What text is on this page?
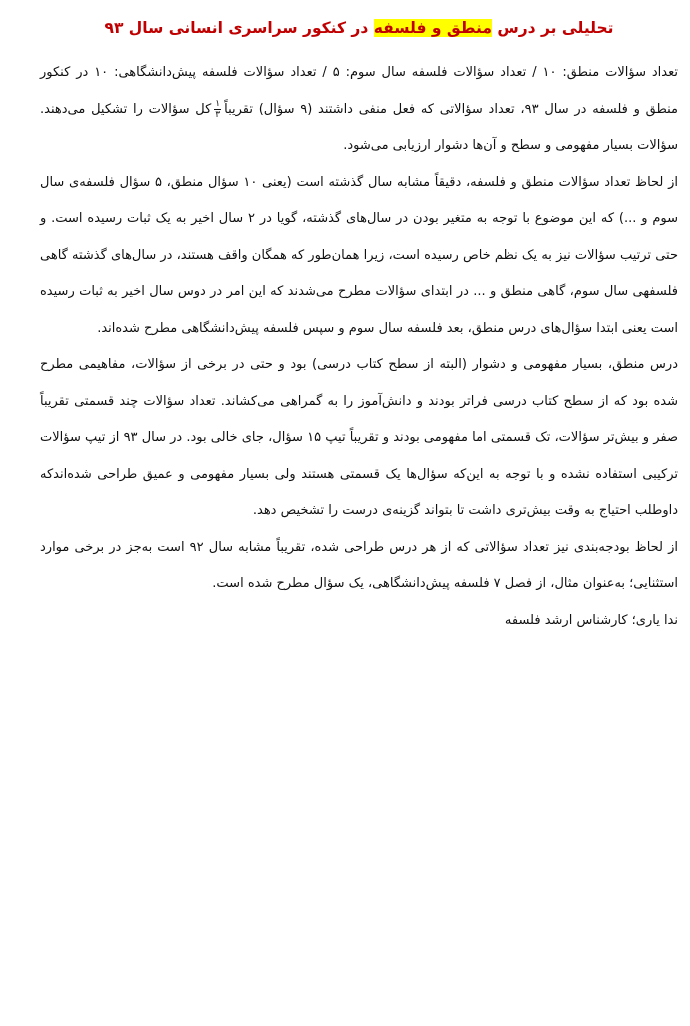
تحلیلی بر درس منطق و فلسفه در کنکور سراسری انسانی سال ۹۳

تعداد سؤالات منطق: ۱۰ / تعداد سؤالات فلسفه سال سوم: ۵ / تعداد سؤالات فلسفه پیش‌دانشگاهی: ۱۰ در کنکور منطق و فلسفه در سال ۹۳، تعداد سؤالاتی که فعل منفی داشتند (۹ سؤال) تقریباً
$\frac{۱}{۳}$
کل سؤالات را تشکیل می‌دهند. سؤالات بسیار مفهومی و سطح و آن‌ها دشوار ارزیابی می‌شود.

از لحاظ تعداد سؤالات منطق و فلسفه، دقیقاً مشابه سال گذشته است (یعنی ۱۰ سؤال منطق، ۵ سؤال فلسفه‌ی سال سوم و ...) که این موضوع با توجه به متغیر بودن در سال‌های گذشته، گویا در ۲ سال اخیر به یک ثبات رسیده است. و حتی ترتیب سؤالات نیز به یک نظم خاص رسیده است، زیرا همان‌طور که همگان واقف هستند، در سال‌های گذشته گاهی فلسفهی سال سوم، گاهی منطق و ... در ابتدای سؤالات مطرح می‌شدند که این امر در دوس سال اخیر به ثبات رسیده است یعنی ابتدا سؤال‌های درس منطق، بعد فلسفه سال سوم و سپس فلسفه پیش‌دانشگاهی مطرح شده‌اند.

درس منطق، بسیار مفهومی و دشوار (البته از سطح کتاب درسی) بود و حتی در برخی از سؤالات، مفاهیمی مطرح شده بود که از سطح کتاب درسی فراتر بودند و دانش‌آموز را به گمراهی می‌کشاند. تعداد سؤالات چند قسمتی تقریباً صفر و بیش‌تر سؤالات، تک قسمتی اما مفهومی بودند و تقریباً تیپ ۱۵ سؤال، جای خالی بود. در سال ۹۳ از تیپ سؤالات ترکیبی استفاده نشده و با توجه به این‌که سؤال‌ها یک قسمتی هستند ولی بسیار مفهومی و عمیق طراحی شده‌اندکه داوطلب احتیاج به وقت بیش‌تری داشت تا بتواند گزینه‌ی درست را تشخیص دهد.

از لحاظ بودجه‌بندی نیز تعداد سؤالاتی که از هر درس طراحی شده، تقریباً مشابه سال ۹۲ است به‌جز در برخی موارد استثنایی؛ به‌عنوان مثال، از فصل ۷ فلسفه پیش‌دانشگاهی، یک سؤال مطرح شده است.

ندا یاری؛ کارشناس ارشد فلسفه
